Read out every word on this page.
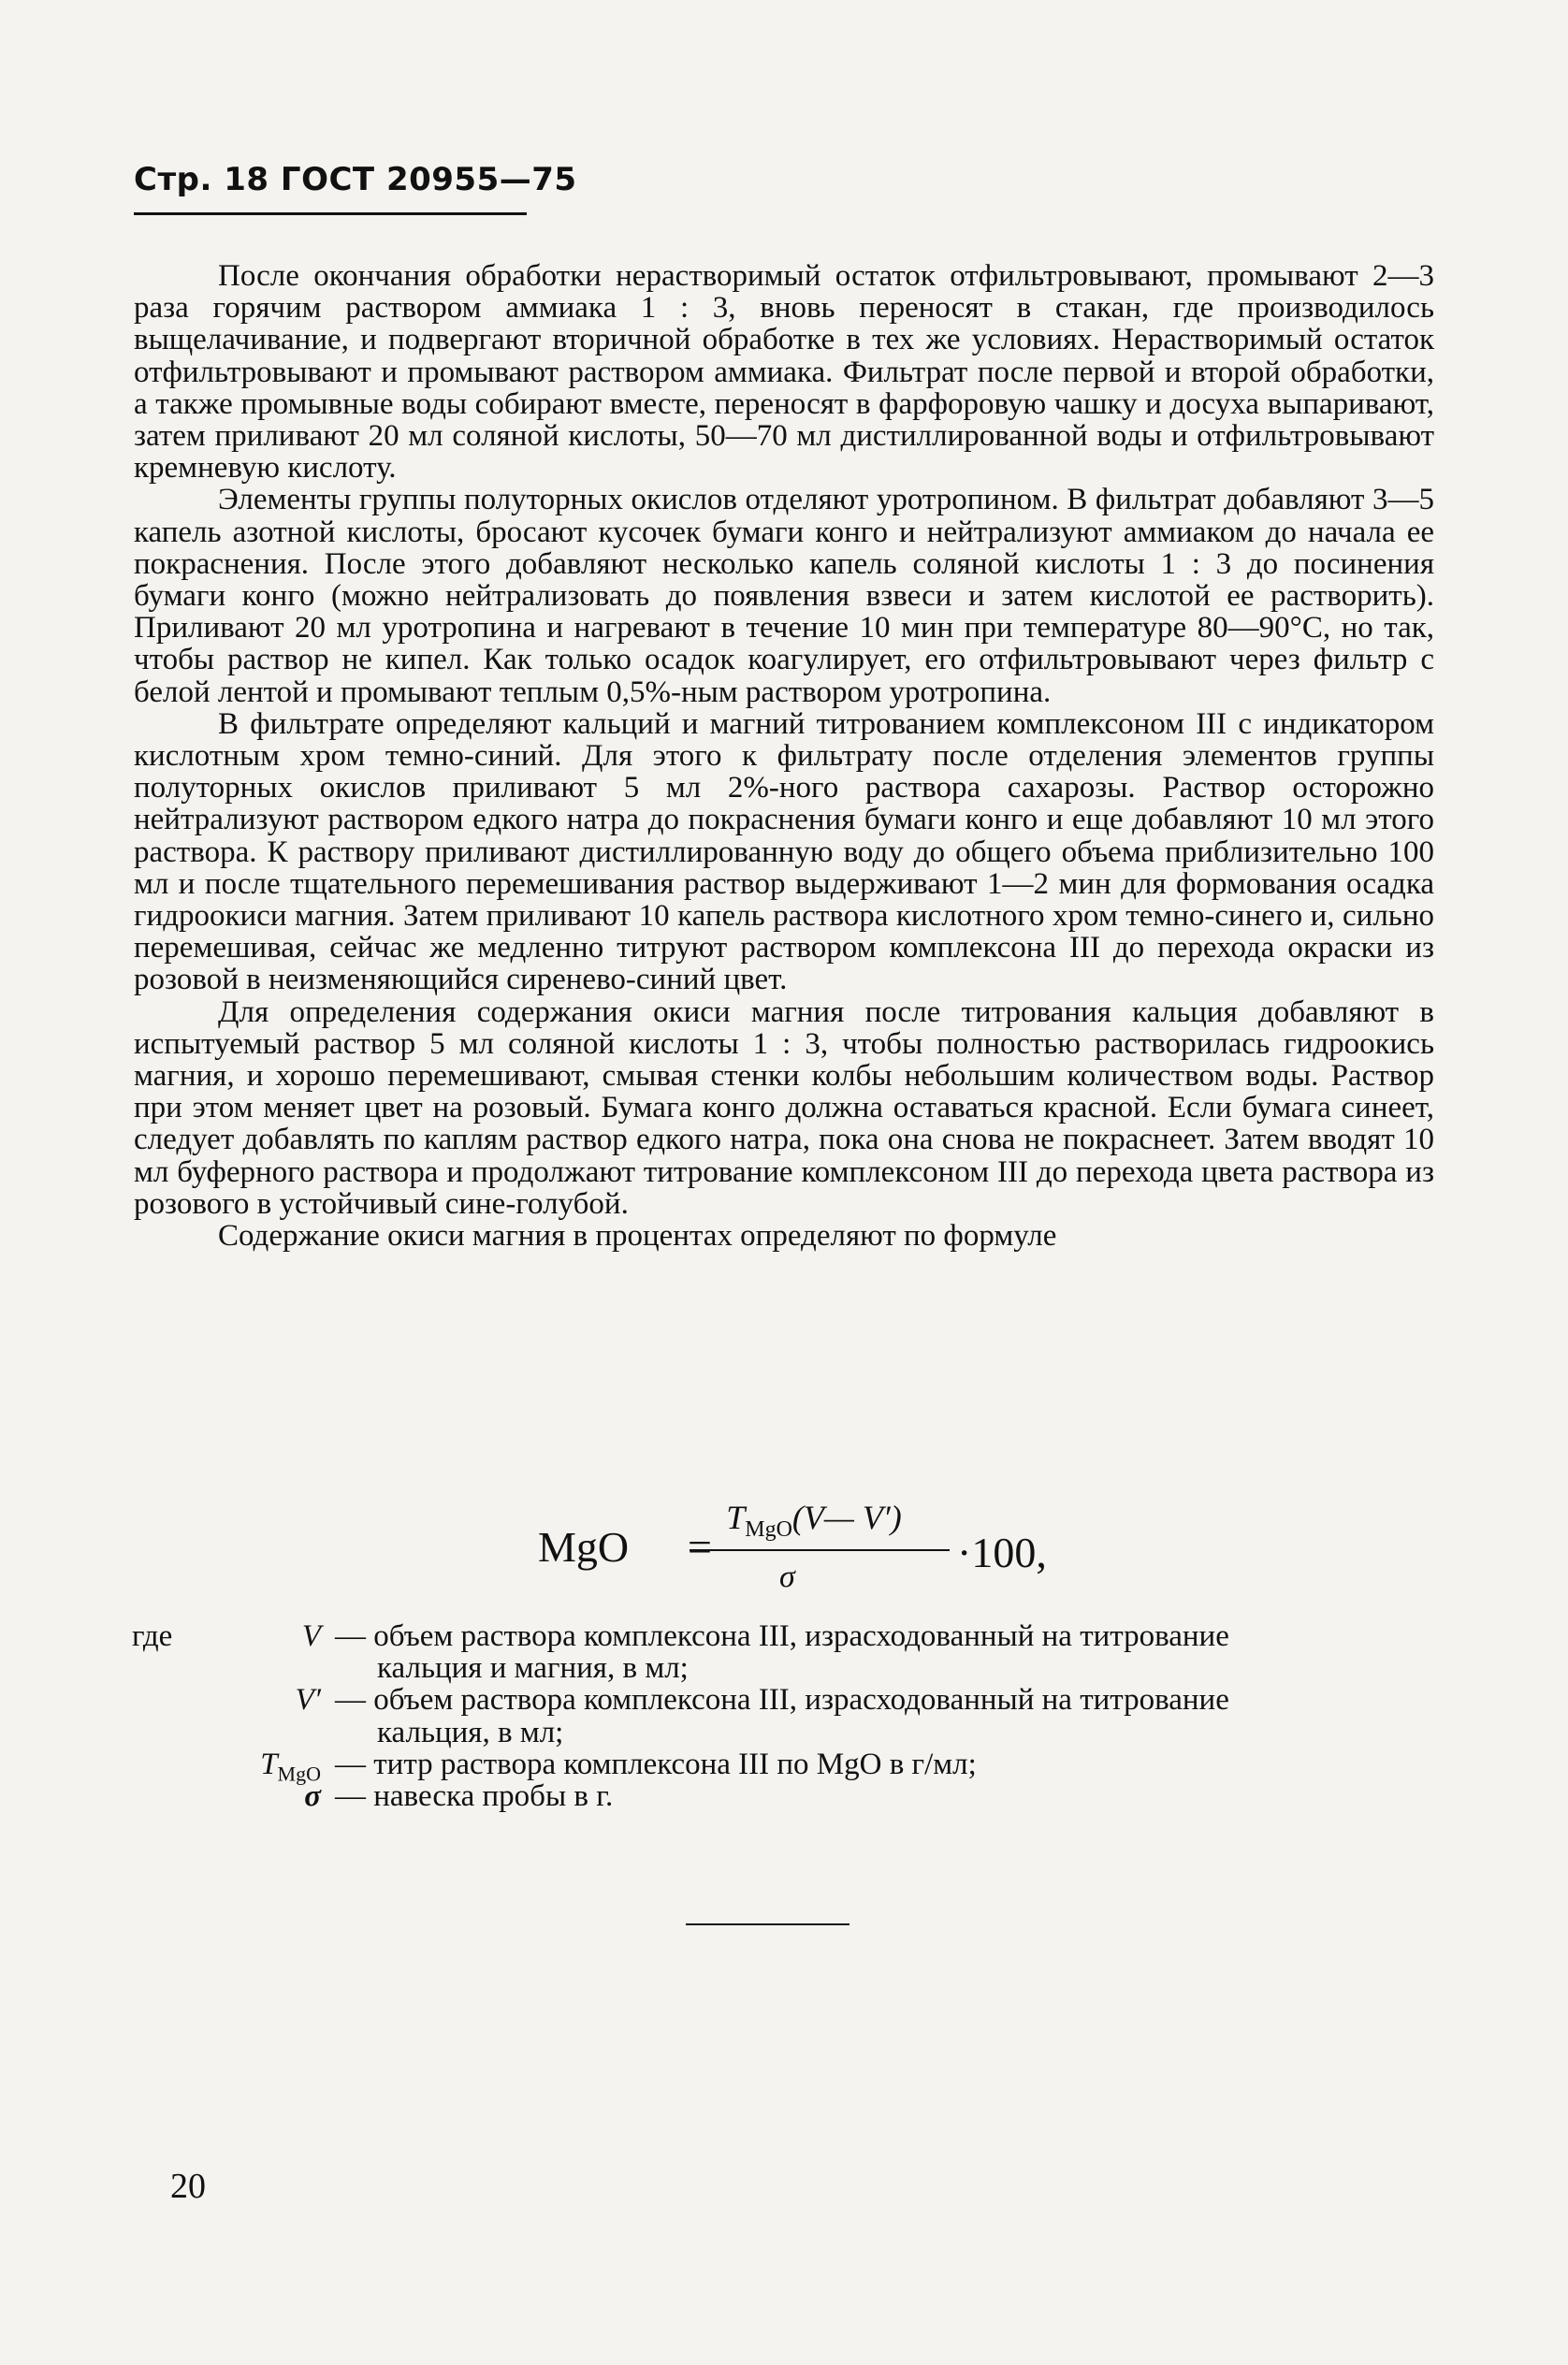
Стр. 18 ГОСТ 20955—75

После окончания обработки нерастворимый остаток отфильтровывают, промывают 2—3 раза горячим раствором аммиака 1 : 3, вновь переносят в стакан, где производилось выщелачивание, и подвергают вторичной обработке в тех же условиях. Нерастворимый остаток отфильтровывают и промывают раствором аммиака. Фильтрат после первой и второй обработки, а также промывные воды собирают вместе, переносят в фарфоровую чашку и досуха выпаривают, затем приливают 20 мл соляной кислоты, 50—70 мл дистиллированной воды и отфильтровывают кремневую кислоту.

Элементы группы полуторных окислов отделяют уротропином. В фильтрат добавляют 3—5 капель азотной кислоты, бросают кусочек бумаги конго и нейтрализуют аммиаком до начала ее покраснения. После этого добавляют несколько капель соляной кислоты 1 : 3 до посинения бумаги конго (можно нейтрализовать до появления взвеси и затем кислотой ее растворить). Приливают 20 мл уротропина и нагревают в течение 10 мин при температуре 80—90°С, но так, чтобы раствор не кипел. Как только осадок коагулирует, его отфильтровывают через фильтр с белой лентой и промывают теплым 0,5%-ным раствором уротропина.

В фильтрате определяют кальций и магний титрованием комплексоном III с индикатором кислотным хром темно-синий. Для этого к фильтрату после отделения элементов группы полуторных окислов приливают 5 мл 2%-ного раствора сахарозы. Раствор осторожно нейтрализуют раствором едкого натра до покраснения бумаги конго и еще добавляют 10 мл этого раствора. К раствору приливают дистиллированную воду до общего объема приблизительно 100 мл и после тщательного перемешивания раствор выдерживают 1—2 мин для формования осадка гидроокиси магния. Затем приливают 10 капель раствора кислотного хром темно-синего и, сильно перемешивая, сейчас же медленно титруют раствором комплексона III до перехода окраски из розовой в неизменяющийся сиренево-синий цвет.

Для определения содержания окиси магния после титрования кальция добавляют в испытуемый раствор 5 мл соляной кислоты 1 : 3, чтобы полностью растворилась гидроокись магния, и хорошо перемешивают, смывая стенки колбы небольшим количеством воды. Раствор при этом меняет цвет на розовый. Бумага конго должна оставаться красной. Если бумага синеет, следует добавлять по каплям раствор едкого натра, пока она снова не покраснеет. Затем вводят 10 мл буферного раствора и продолжают титрование комплексоном III до перехода цвета раствора из розового в устойчивый сине-голубой.

Содержание окиси магния в процентах определяют по формуле

MgO =
$T_{MgO}(V—$ V′)
σ
·100,
где	V — объем раствора комплексона III, израсходованный на титрование
кальция и магния, в мл;
V′ — объем раствора комплексона III, израсходованный на титрование
кальция, в мл;
$T_{MgO}$ — титр раствора комплексона III по MgO в г/мл;
σ — навеска пробы в г.
20
